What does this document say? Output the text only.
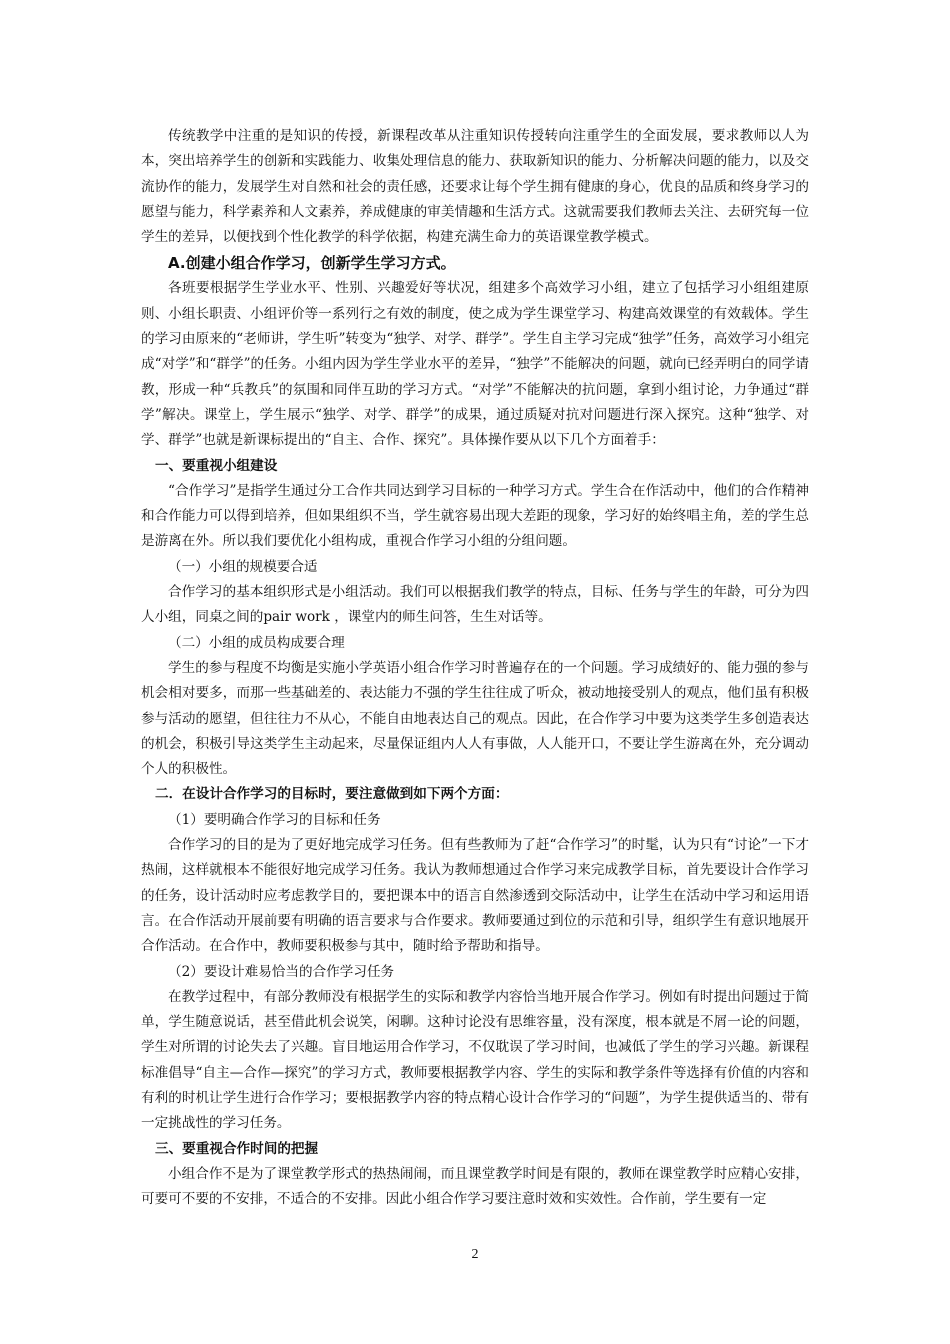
传统教学中注重的是知识的传授，新课程改革从注重知识传授转向注重学生的全面发展，要求教师以人为本，突出培养学生的创新和实践能力、收集处理信息的能力、获取新知识的能力、分析解决问题的能力，以及交流协作的能力，发展学生对自然和社会的责任感，还要求让每个学生拥有健康的身心，优良的品质和终身学习的愿望与能力，科学素养和人文素养，养成健康的审美情趣和生活方式。这就需要我们教师去关注、去研究每一位学生的差异，以便找到个性化教学的科学依据，构建充满生命力的英语课堂教学模式。

A.创建小组合作学习，创新学生学习方式。

各班要根据学生学业水平、性别、兴趣爱好等状况，组建多个高效学习小组，建立了包括学习小组组建原则、小组长职责、小组评价等一系列行之有效的制度，使之成为学生课堂学习、构建高效课堂的有效载体。学生的学习由原来的“老师讲，学生听”转变为“独学、对学、群学”。学生自主学习完成“独学”任务，高效学习小组完成“对学”和“群学”的任务。小组内因为学生学业水平的差异，“独学”不能解决的问题，就向已经弄明白的同学请教，形成一种“兵教兵”的氛围和同伴互助的学习方式。“对学”不能解决的抗问题，拿到小组讨论，力争通过“群学”解决。课堂上，学生展示“独学、对学、群学”的成果，通过质疑对抗对问题进行深入探究。这种“独学、对学、群学”也就是新课标提出的“自主、合作、探究”。具体操作要从以下几个方面着手：

一、要重视小组建设

“合作学习”是指学生通过分工合作共同达到学习目标的一种学习方式。学生合在作活动中，他们的合作精神和合作能力可以得到培养，但如果组织不当，学生就容易出现大差距的现象，学习好的始终唱主角，差的学生总是游离在外。所以我们要优化小组构成，重视合作学习小组的分组问题。

（一）小组的规模要合适

合作学习的基本组织形式是小组活动。我们可以根据我们教学的特点，目标、任务与学生的年龄，可分为四人小组，同桌之间的pair work ，课堂内的师生问答，生生对话等。

（二）小组的成员构成要合理

学生的参与程度不均衡是实施小学英语小组合作学习时普遍存在的一个问题。学习成绩好的、能力强的参与机会相对要多，而那一些基础差的、表达能力不强的学生往往成了听众，被动地接受别人的观点，他们虽有积极参与活动的愿望，但往往力不从心，不能自由地表达自己的观点。因此，在合作学习中要为这类学生多创造表达的机会，积极引导这类学生主动起来，尽量保证组内人人有事做，人人能开口，不要让学生游离在外，充分调动个人的积极性。

二．在设计合作学习的目标时，要注意做到如下两个方面：

（1）要明确合作学习的目标和任务

合作学习的目的是为了更好地完成学习任务。但有些教师为了赶“合作学习”的时髦，认为只有“讨论”一下才热闹，这样就根本不能很好地完成学习任务。我认为教师想通过合作学习来完成教学目标，首先要设计合作学习的任务，设计活动时应考虑教学目的，要把课本中的语言自然渗透到交际活动中，让学生在活动中学习和运用语言。在合作活动开展前要有明确的语言要求与合作要求。教师要通过到位的示范和引导，组织学生有意识地展开合作活动。在合作中，教师要积极参与其中，随时给予帮助和指导。

（2）要设计难易恰当的合作学习任务

在教学过程中，有部分教师没有根据学生的实际和教学内容恰当地开展合作学习。例如有时提出问题过于简单，学生随意说话，甚至借此机会说笑，闲聊。这种讨论没有思维容量，没有深度，根本就是不屑一论的问题，学生对所谓的讨论失去了兴趣。盲目地运用合作学习，不仅耽误了学习时间，也减低了学生的学习兴趣。新课程标准倡导“自主—合作—探究”的学习方式，教师要根据教学内容、学生的实际和教学条件等选择有价值的内容和有利的时机让学生进行合作学习；要根据教学内容的特点精心设计合作学习的“问题”，为学生提供适当的、带有一定挑战性的学习任务。

三、要重视合作时间的把握

小组合作不是为了课堂教学形式的热热闹闹，而且课堂教学时间是有限的，教师在课堂教学时应精心安排，可要可不要的不安排，不适合的不安排。因此小组合作学习要注意时效和实效性。合作前，学生要有一定

2
